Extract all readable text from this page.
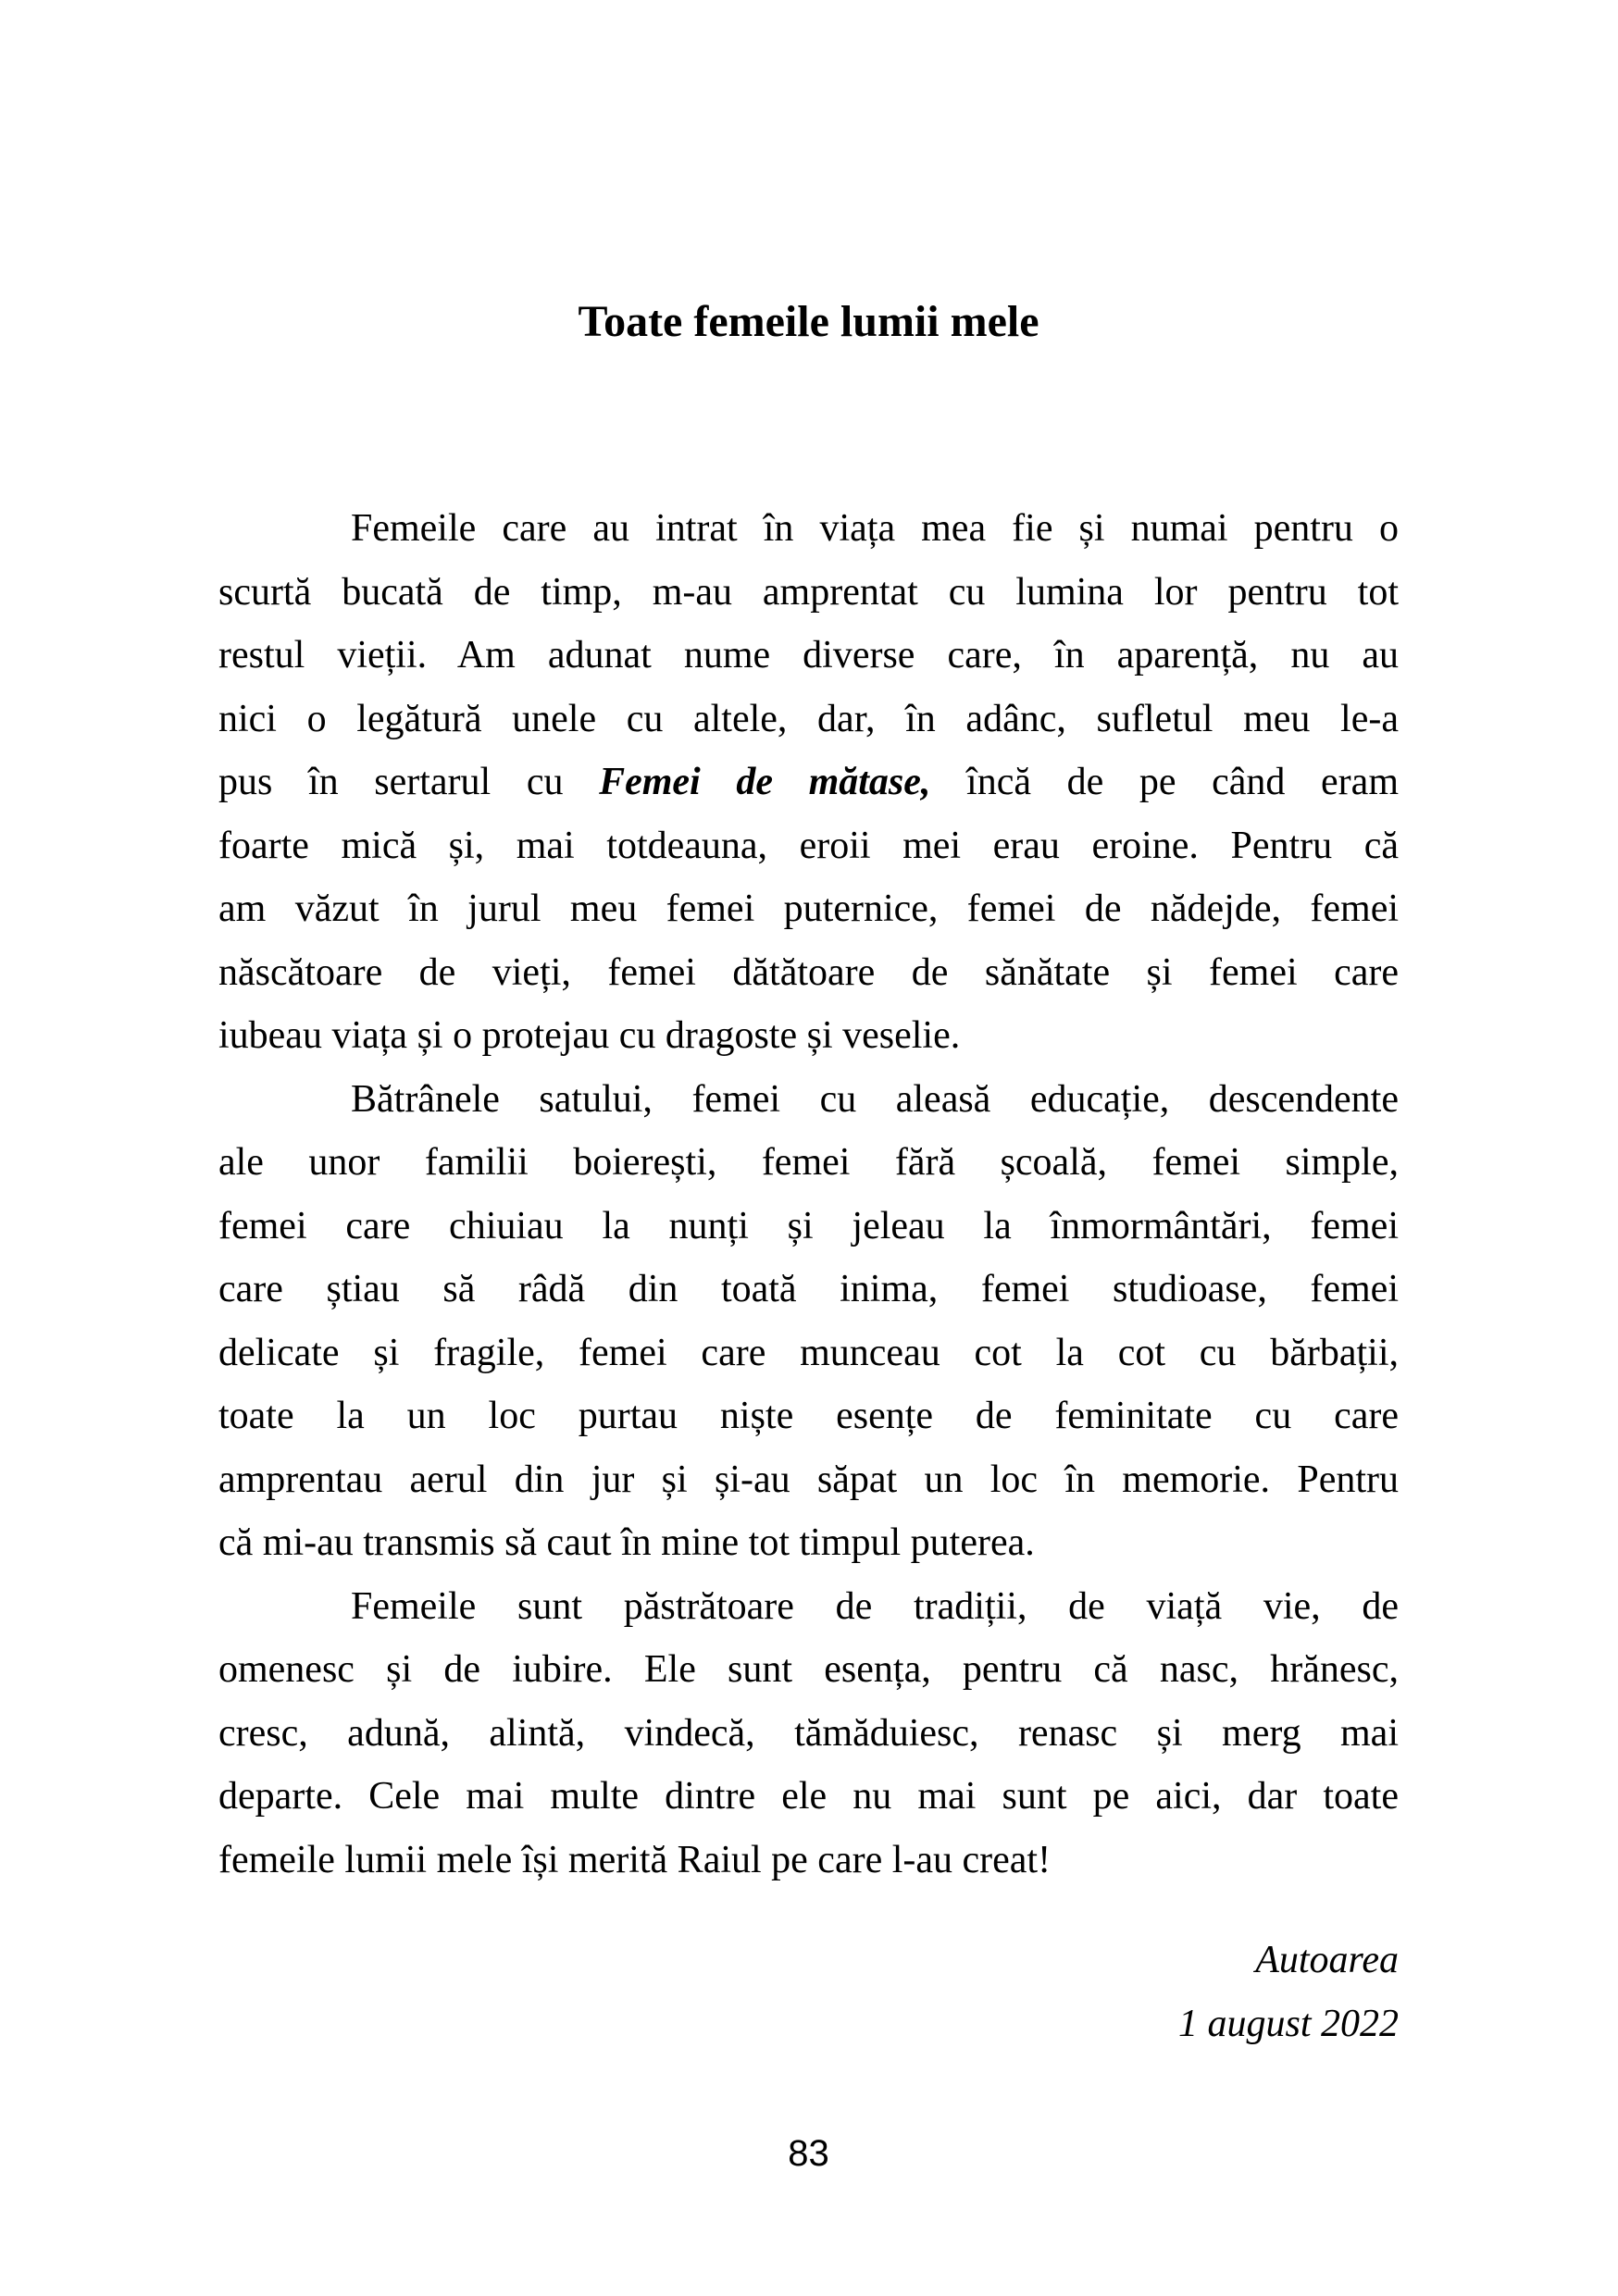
Toate femeile lumii mele
Femeile care au intrat în viața mea fie și numai pentru o
scurtă bucată de timp, m-au amprentat cu lumina lor pentru tot
restul vieții. Am adunat nume diverse care, în aparență, nu au
nici o legătură unele cu altele, dar, în adânc, sufletul meu le-a
pus în sertarul cu Femei de mătase, încă de pe când eram
foarte mică și, mai totdeauna, eroii mei erau eroine. Pentru că
am văzut în jurul meu femei puternice, femei de nădejde, femei
născătoare de vieți, femei dătătoare de sănătate și femei care
iubeau viața și o protejau cu dragoste și veselie.
Bătrânele satului, femei cu aleasă educație, descendente
ale unor familii boierești, femei fără școală, femei simple,
femei care chiuiau la nunți și jeleau la înmormântări, femei
care știau să râdă din toată inima, femei studioase, femei
delicate și fragile, femei care munceau cot la cot cu bărbații,
toate la un loc purtau niște esențe de feminitate cu care
amprentau aerul din jur și și-au săpat un loc în memorie. Pentru
că mi-au transmis să caut în mine tot timpul puterea.
Femeile sunt păstrătoare de tradiții, de viață vie, de
omenesc și de iubire. Ele sunt esența, pentru că nasc, hrănesc,
cresc, adună, alintă, vindecă, tămăduiesc, renasc și merg mai
departe. Cele mai multe dintre ele nu mai sunt pe aici, dar toate
femeile lumii mele își merită Raiul pe care l-au creat!
Autoarea
1 august 2022
83
